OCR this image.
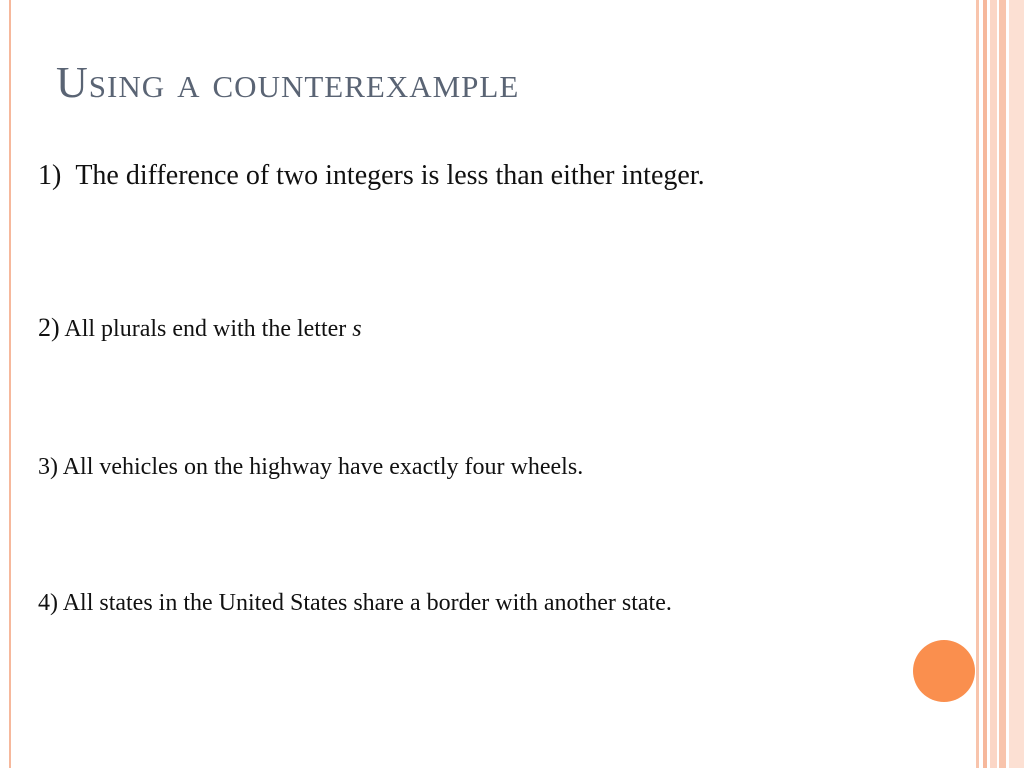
Using a counterexample

1) The difference of two integers is less than either integer.

2) All plurals end with the letter s

3) All vehicles on the highway have exactly four wheels.

4) All states in the United States share a border with another state.
